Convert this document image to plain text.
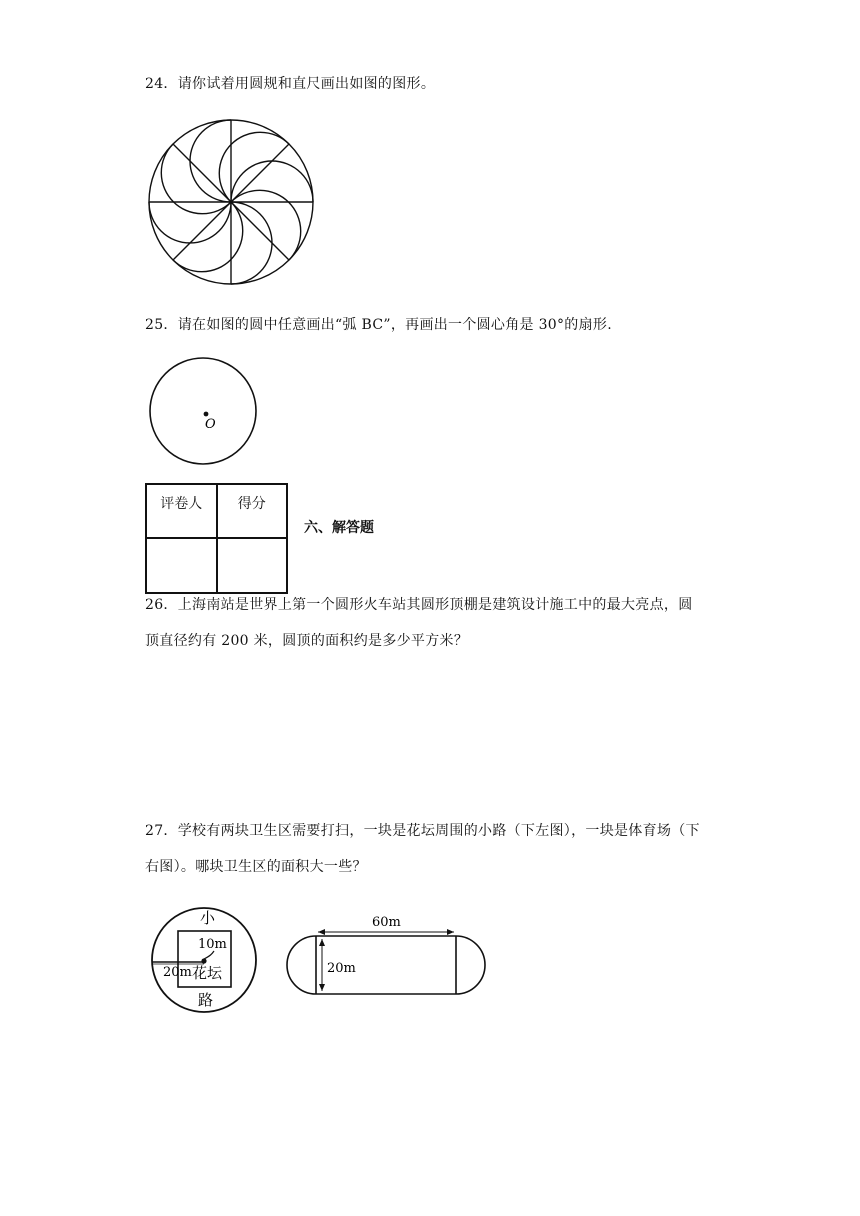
24．请你试着用圆规和直尺画出如图的图形。
25．请在如图的圆中任意画出“弧 BC”，再画出一个圆心角是 30°的扇形.
O
评卷人	得分

六、解答题
26．上海南站是世界上第一个圆形火车站其圆形顶棚是建筑设计施工中的最大亮点，圆
顶直径约有 200 米，圆顶的面积约是多少平方米？
27．学校有两块卫生区需要打扫，一块是花坛周围的小路（下左图），一块是体育场（下
右图）。哪块卫生区的面积大一些？
小
10m
20m 花坛
路
60m
20m
